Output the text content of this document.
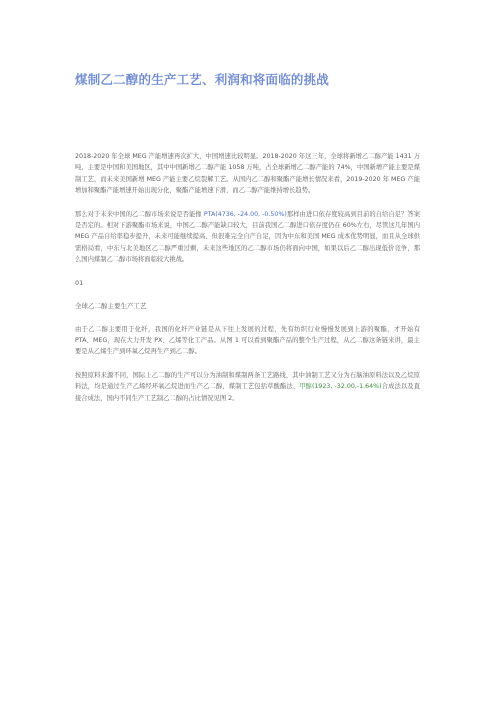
煤制乙二醇的生产工艺、利润和将面临的挑战

2018-2020 年全球 MEG 产能增速再次扩大，中国增速比较明显。2018-2020 年这三年，全球将新增乙二醇产能 1431 万吨，主要是中国和美国地区，其中中国新增乙二醇产能 1058 万吨，占全球新增乙二醇产能的 74%，中国新增产能主要是煤制工艺，而未来美国新增 MEG 产能主要乙烷裂解工艺。从国内乙二醇和聚酯产能增长情况来看，2019-2020 年 MEG 产能增加和聚酯产能增速开始出现分化，聚酯产能增速下滑，而乙二醇产能维持增长趋势。

那么对于未来中国的乙二醇市场来说是否能像 PTA(4736, -24.00, -0.50%)那样由进口依存度较高到目前的自给自足？答案是否定的。相对下游聚酯市场来说，中国乙二醇产能缺口较大，目前我国乙二醇进口依存度仍在 60%左右，尽管这几年国内 MEG 产品自给率稳步提升，未来可能继续提高，但很难完全自产自足，因为中东和美国 MEG 成本优势明显，而且从全球供需格局看，中东与北美地区乙二醇严重过剩，未来这些地区的乙二醇市场仍将面向中国，如果以后乙二醇出现低价竞争，那么国内煤制乙二醇市场将面临较大挑战。

01

全球乙二醇主要生产工艺

由于乙二醇主要用于化纤，我国的化纤产业链是从下往上发展的过程，先有纺织行业慢慢发展到上游的聚酯，才开始有 PTA、MEG，现在大力开发 PX、乙烯等化工产品。从图 1 可以看到聚酯产品的整个生产过程，从乙二醇这条链来讲，最主要是从乙烯生产到环氧乙烷再生产到乙二醇。

按照原料来源不同，国际上乙二醇的生产可以分为油制和煤制两条工艺路线，其中油制工艺又分为石脑油原料法以及乙烷原料法，均是通过生产乙烯经环氧乙烷进而生产乙二醇，煤制工艺包括草酸酯法、甲醇(1923, -32.00,-1.64%)合成法以及直接合成法，国内不同生产工艺制乙二醇的占比情况见图 2。
